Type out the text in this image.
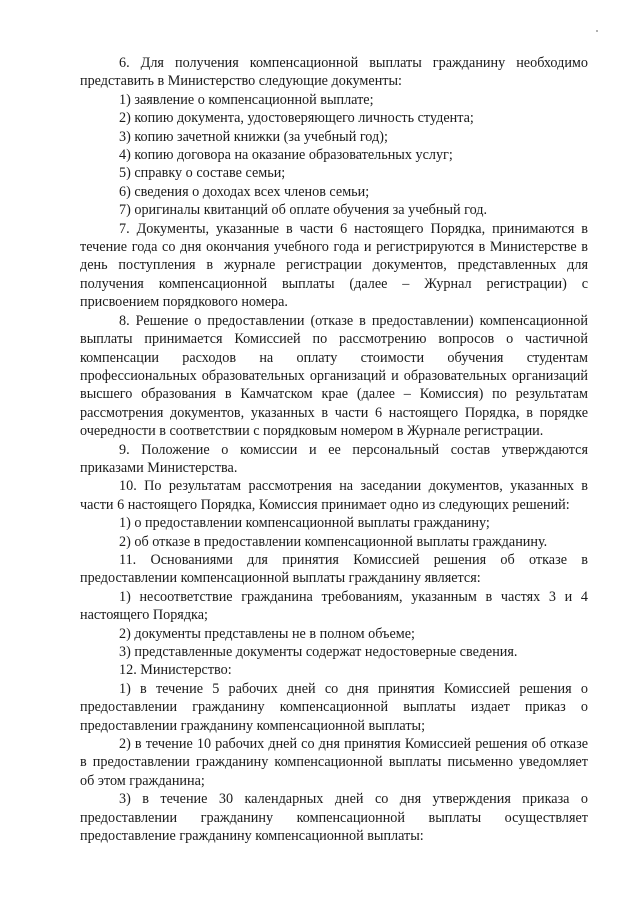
6. Для получения компенсационной выплаты гражданину необходимо представить в Министерство следующие документы:

1) заявление о компенсационной выплате;

2) копию документа, удостоверяющего личность студента;

3) копию зачетной книжки (за учебный год);

4) копию договора на оказание образовательных услуг;

5) справку о составе семьи;

6) сведения о доходах всех членов семьи;

7) оригиналы квитанций об оплате обучения за учебный год.

7. Документы, указанные в части 6 настоящего Порядка, принимаются в течение года со дня окончания учебного года и регистрируются в Министерстве в день поступления в журнале регистрации документов, представленных для получения компенсационной выплаты (далее – Журнал регистрации) с присвоением порядкового номера.

8. Решение о предоставлении (отказе в предоставлении) компенсационной выплаты принимается Комиссией по рассмотрению вопросов о частичной компенсации расходов на оплату стоимости обучения студентам профессиональных образовательных организаций и образовательных организаций высшего образования в Камчатском крае (далее – Комиссия) по результатам рассмотрения документов, указанных в части 6 настоящего Порядка, в порядке очередности в соответствии с порядковым номером в Журнале регистрации.

9. Положение о комиссии и ее персональный состав утверждаются приказами Министерства.

10. По результатам рассмотрения на заседании документов, указанных в части 6 настоящего Порядка, Комиссия принимает одно из следующих решений:

1) о предоставлении компенсационной выплаты гражданину;

2) об отказе в предоставлении компенсационной выплаты гражданину.

11. Основаниями для принятия Комиссией решения об отказе в предоставлении компенсационной выплаты гражданину является:

1) несоответствие гражданина требованиям, указанным в частях 3 и 4 настоящего Порядка;

2) документы представлены не в полном объеме;

3) представленные документы содержат недостоверные сведения.

12. Министерство:

1) в течение 5 рабочих дней со дня принятия Комиссией решения о предоставлении гражданину компенсационной выплаты издает приказ о предоставлении гражданину компенсационной выплаты;

2) в течение 10 рабочих дней со дня принятия Комиссией решения об отказе в предоставлении гражданину компенсационной выплаты письменно уведомляет об этом гражданина;

3) в течение 30 календарных дней со дня утверждения приказа о предоставлении гражданину компенсационной выплаты осуществляет предоставление гражданину компенсационной выплаты:
